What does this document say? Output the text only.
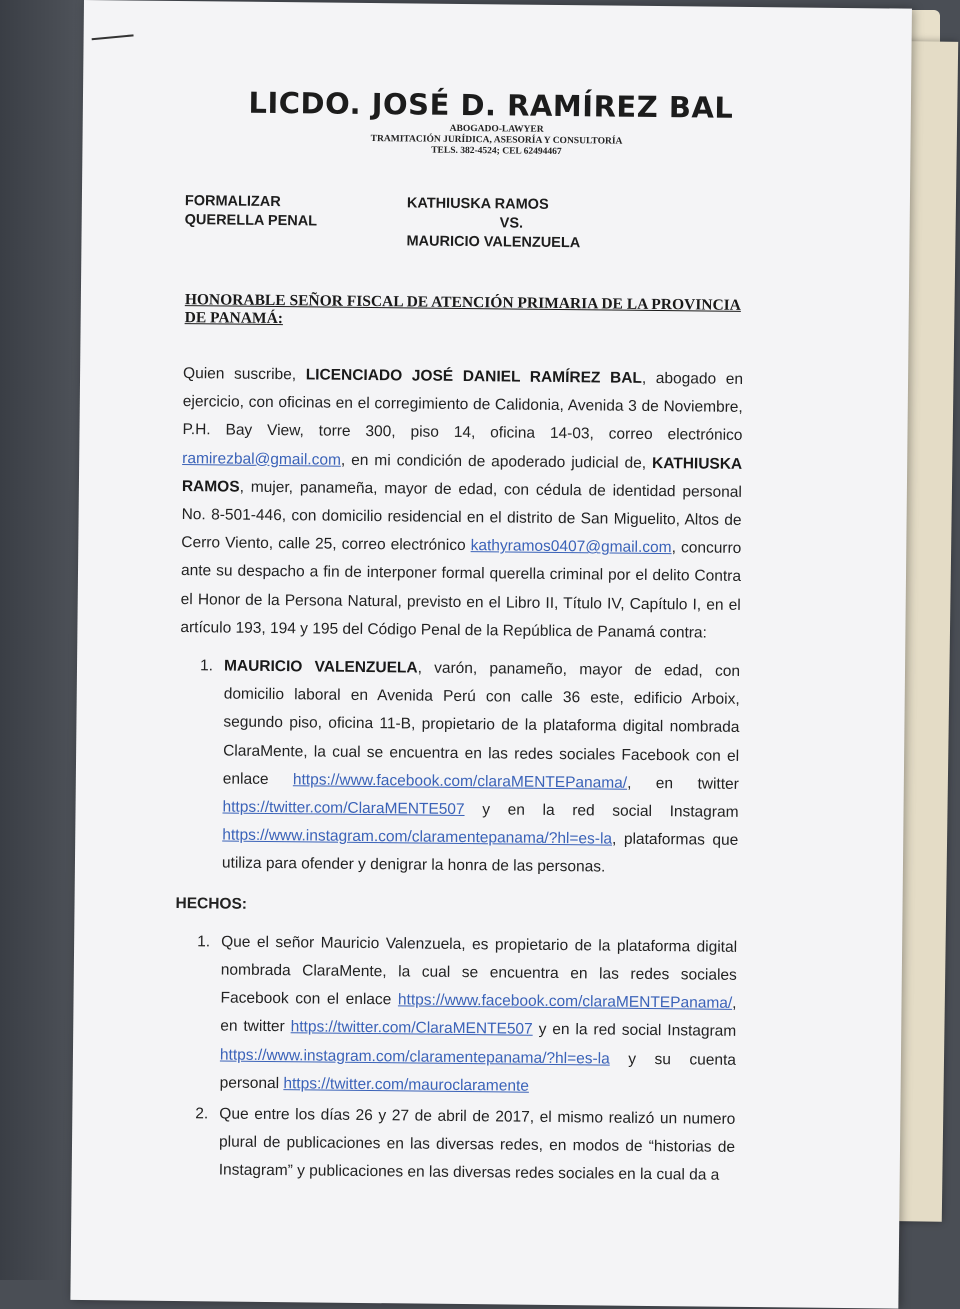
LICDO. JOSÉ D. RAMÍREZ BAL
ABOGADO-LAWYER
TRAMITACIÓN JURÍDICA, ASESORÍA Y CONSULTORÍA
TELS. 382-4524; CEL 62494467
FORMALIZAR
QUERELLA PENAL
KATHIUSKA RAMOS
VS.
MAURICIO VALENZUELA
HONORABLE SEÑOR FISCAL DE ATENCIÓN PRIMARIA DE LA PROVINCIA DE PANAMÁ:

Quien suscribe, LICENCIADO JOSÉ DANIEL RAMÍREZ BAL, abogado en ejercicio, con oficinas en el corregimiento de Calidonia, Avenida 3 de Noviembre, P.H. Bay View, torre 300, piso 14, oficina 14-03, correo electrónico ramirezbal@gmail.com, en mi condición de apoderado judicial de, KATHIUSKA RAMOS, mujer, panameña, mayor de edad, con cédula de identidad personal No. 8-501-446, con domicilio residencial en el distrito de San Miguelito, Altos de Cerro Viento, calle 25, correo electrónico kathyramos0407@gmail.com, concurro ante su despacho a fin de interponer formal querella criminal por el delito Contra el Honor de la Persona Natural, previsto en el Libro II, Título IV, Capítulo I, en el artículo 193, 194 y 195 del Código Penal de la República de Panamá contra:

1. MAURICIO VALENZUELA, varón, panameño, mayor de edad, con domicilio laboral en Avenida Perú con calle 36 este, edificio Arboix, segundo piso, oficina 11-B, propietario de la plataforma digital nombrada ClaraMente, la cual se encuentra en las redes sociales Facebook con el enlace https://www.facebook.com/claraMENTEPanama/, en twitter https://twitter.com/ClaraMENTE507 y en la red social Instagram https://www.instagram.com/claramentepanama/?hl=es-la, plataformas que utiliza para ofender y denigrar la honra de las personas.
HECHOS:
1. Que el señor Mauricio Valenzuela, es propietario de la plataforma digital nombrada ClaraMente, la cual se encuentra en las redes sociales Facebook con el enlace https://www.facebook.com/claraMENTEPanama/, en twitter https://twitter.com/ClaraMENTE507 y en la red social Instagram https://www.instagram.com/claramentepanama/?hl=es-la y su cuenta personal https://twitter.com/mauroclaramente
2. Que entre los días 26 y 27 de abril de 2017, el mismo realizó un numero plural de publicaciones en las diversas redes, en modos de “historias de Instagram” y publicaciones en las diversas redes sociales en la cual da a
